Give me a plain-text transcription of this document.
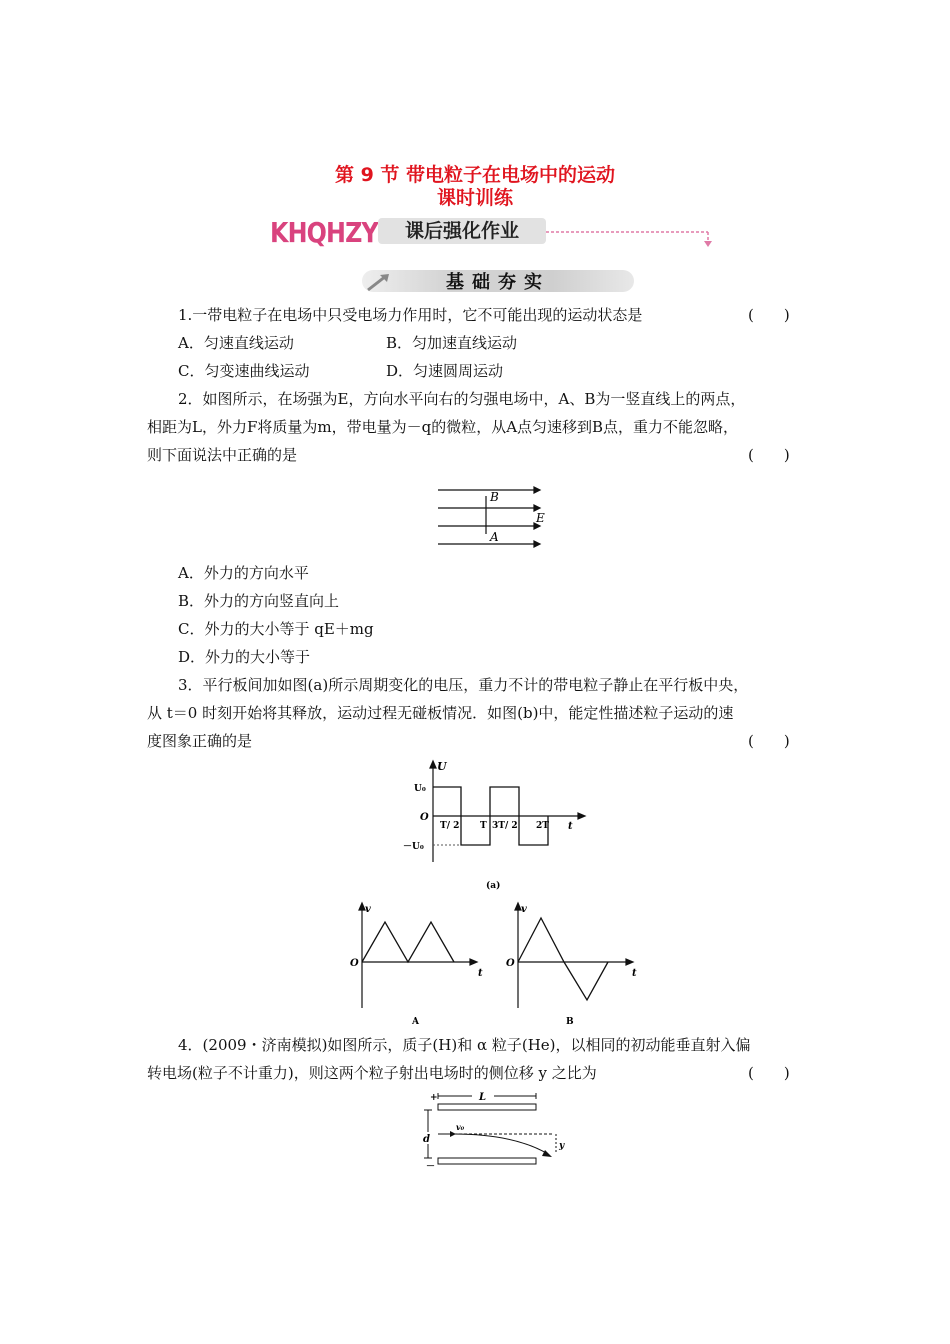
第 9 节 带电粒子在电场中的运动
课时训练
KHQHZY	课后强化作业
基础夯实
1.一带电粒子在电场中只受电场力作用时，它不可能出现的运动状态是	(　　)
A．匀速直线运动	B．匀加速直线运动
C．匀变速曲线运动	D．匀速圆周运动
2．如图所示，在场强为E，方向水平向右的匀强电场中，A、B为一竖直线上的两点，
相距为L，外力F将质量为m，带电量为－q的微粒，从A点匀速移到B点，重力不能忽略，
则下面说法中正确的是	(　　)
B
A
E
A．外力的方向水平
B．外力的方向竖直向上
C．外力的大小等于 qE＋mg
D．外力的大小等于
3．平行板间加如图(a)所示周期变化的电压，重力不计的带电粒子静止在平行板中央，
从 t＝0 时刻开始将其释放，运动过程无碰板情况．如图(b)中，能定性描述粒子运动的速
度图象正确的是	(　　)
U
U₀
O
－U₀
t
T/ 2 T 3T/ 2 2T
(a)
v
O
t
v
O
t
A	B
4．(2009・济南模拟)如图所示，质子(H)和 α 粒子(He)，以相同的初动能垂直射入偏
转电场(粒子不计重力)，则这两个粒子射出电场时的侧位移 y 之比为	(　　)
+	L
d
v₀
－
y
